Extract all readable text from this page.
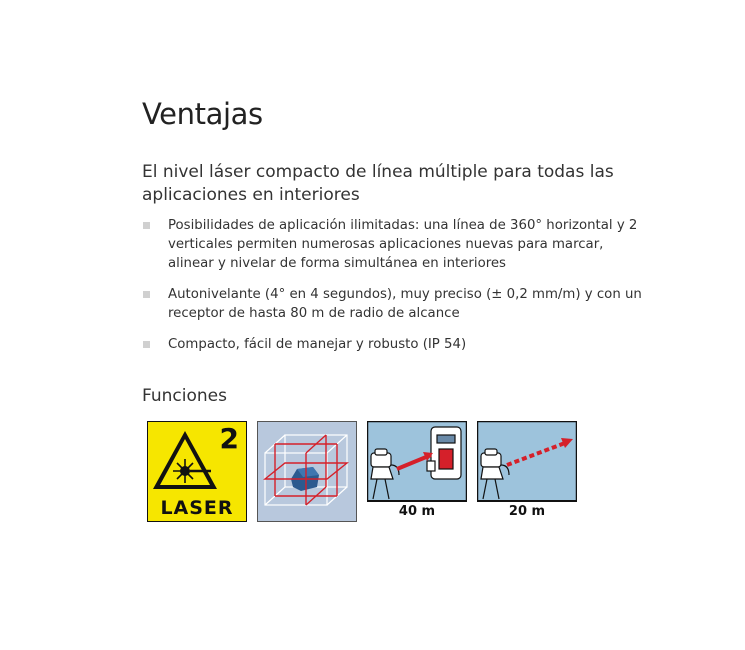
Ventajas
El nivel láser compacto de línea múltiple para todas las aplicaciones en interiores
Posibilidades de aplicación ilimitadas: una línea de 360° horizontal y 2 verticales permiten numerosas aplicaciones nuevas para marcar, alinear y nivelar de forma simultánea en interiores
Autonivelante (4° en 4 segundos), muy preciso (± 0,2 mm/m) y con un receptor de hasta 80 m de radio de alcance
Compacto, fácil de manejar y robusto (IP 54)
Funciones
2
LASER	40 m	20 m
